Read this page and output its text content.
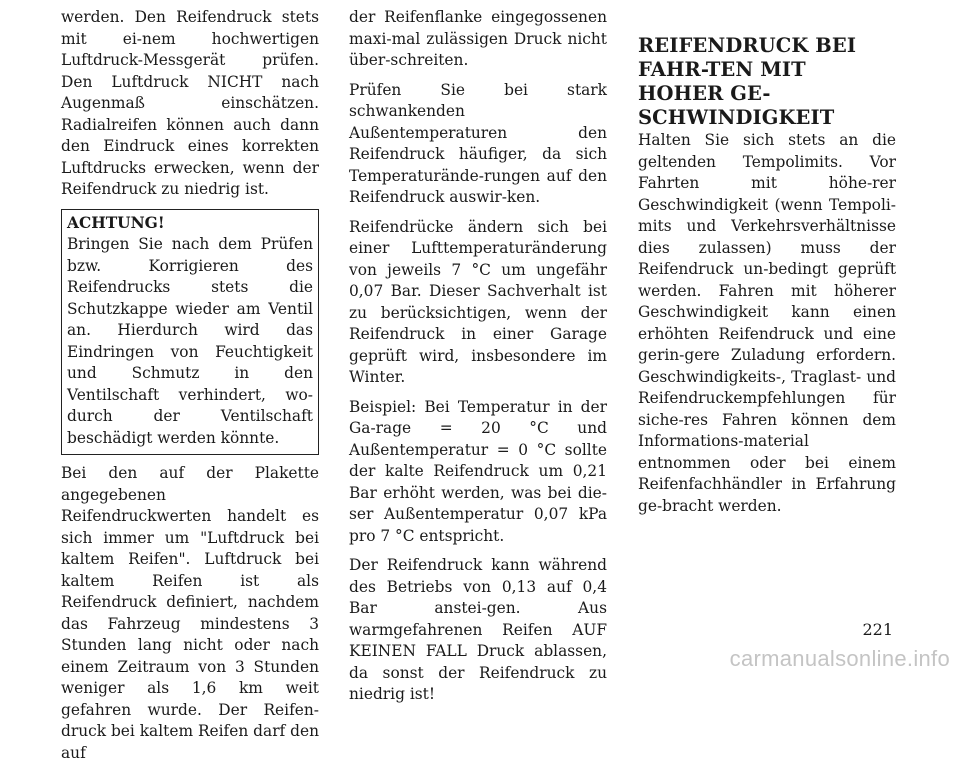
werden. Den Reifendruck stets mit ei-nem hochwertigen Luftdruck-Messgerät prüfen. Den Luftdruck NICHT nach Augenmaß einschätzen. Radialreifen können auch dann den Eindruck eines korrekten Luftdrucks erwecken, wenn der Reifendruck zu niedrig ist.

ACHTUNG!
Bringen Sie nach dem Prüfen bzw. Korrigieren des Reifendrucks stets die Schutzkappe wieder am Ventil an. Hierdurch wird das Eindringen von Feuchtigkeit und Schmutz in den Ventilschaft verhindert, wo-durch der Ventilschaft beschädigt werden könnte.

Bei den auf der Plakette angegebenen Reifendruckwerten handelt es sich immer um "Luftdruck bei kaltem Reifen". Luftdruck bei kaltem Reifen ist als Reifendruck definiert, nachdem das Fahrzeug mindestens 3 Stunden lang nicht oder nach einem Zeitraum von 3 Stunden weniger als 1,6 km weit gefahren wurde. Der Reifen-druck bei kaltem Reifen darf den auf

der Reifenflanke eingegossenen maxi-mal zulässigen Druck nicht über-schreiten.

Prüfen Sie bei stark schwankenden Außentemperaturen den Reifendruck häufiger, da sich Temperaturände-rungen auf den Reifendruck auswir-ken.

Reifendrücke ändern sich bei einer Lufttemperaturänderung von jeweils 7 °C um ungefähr 0,07 Bar. Dieser Sachverhalt ist zu berücksichtigen, wenn der Reifendruck in einer Garage geprüft wird, insbesondere im Winter.

Beispiel: Bei Temperatur in der Ga-rage = 20 °C und Außentemperatur = 0 °C sollte der kalte Reifendruck um 0,21 Bar erhöht werden, was bei die-ser Außentemperatur 0,07 kPa pro 7 °C entspricht.

Der Reifendruck kann während des Betriebs von 0,13 auf 0,4 Bar anstei-gen. Aus warmgefahrenen Reifen AUF KEINEN FALL Druck ablassen, da sonst der Reifendruck zu niedrig ist!

REIFENDRUCK BEI FAHR-TEN MIT HOHER GE-SCHWINDIGKEIT

Halten Sie sich stets an die geltenden Tempolimits. Vor Fahrten mit höhe-rer Geschwindigkeit (wenn Tempoli-mits und Verkehrsverhältnisse dies zulassen) muss der Reifendruck un-bedingt geprüft werden. Fahren mit höherer Geschwindigkeit kann einen erhöhten Reifendruck und eine gerin-gere Zuladung erfordern. Geschwindigkeits-, Traglast- und Reifendruckempfehlungen für siche-res Fahren können dem Informations-material entnommen oder bei einem Reifenfachhändler in Erfahrung ge-bracht werden.

221
carmanualsonline.info
